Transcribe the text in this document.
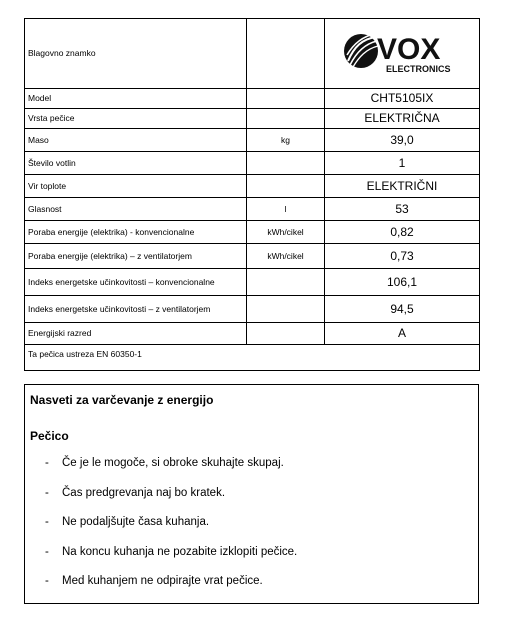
Blagovno znamko		VOX
ELECTRONICS

Model		CHT5105IX
Vrsta pečice		ELEKTRIČNA
Maso	kg	39,0
Število votlin		1
Vir toplote		ELEKTRIČNI
Glasnost	l	53
Poraba energije (elektrika) - konvencionalne	kWh/cikel	0,82
Poraba energije (elektrika) – z ventilatorjem	kWh/cikel	0,73
Indeks energetske učinkovitosti – konvencionalne		106,1
Indeks energetske učinkovitosti – z ventilatorjem		94,5
Energijski razred		A
Ta pečica ustreza EN 60350-1		
Nasveti za varčevanje z energijo
Pečico
-	Če je le mogoče, si obroke skuhajte skupaj.
-	Čas predgrevanja naj bo kratek.
-	Ne podaljšujte časa kuhanja.
-	Na koncu kuhanja ne pozabite izklopiti pečice.
-	Med kuhanjem ne odpirajte vrat pečice.
